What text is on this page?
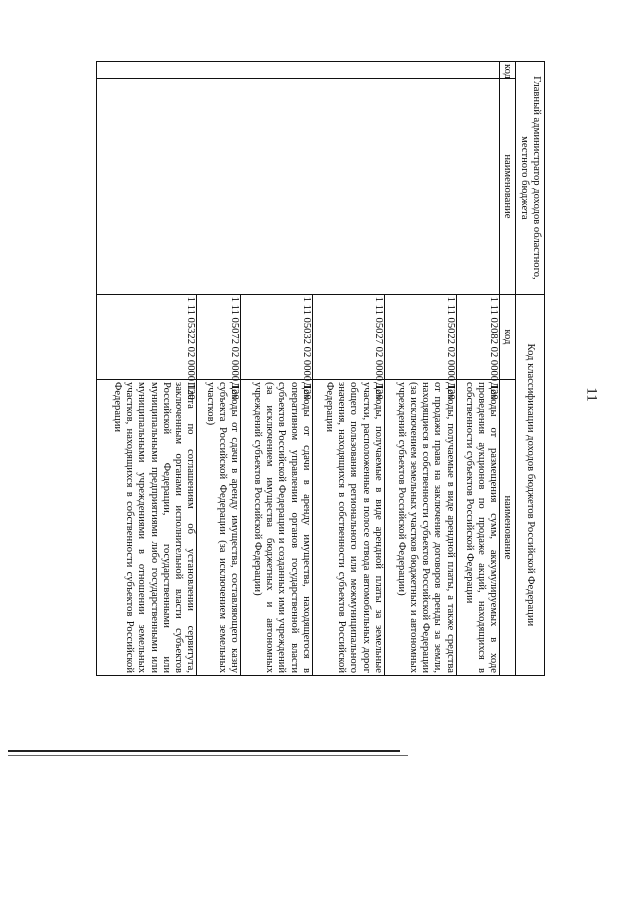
11
Главный администратор доходов областного, местного бюджета		Код классификации доходов бюджетов Российской Федерации	
код	наименование	код	наименование
		1 11 02082 02 0000 120	Доходы от размещения сумм, аккумулируемых в ходе проведения аукционов по продаже акций, находящихся в собственности субъектов Российской Федерации
		1 11 05022 02 0000 120	Доходы, получаемые в виде арендной платы, а также средства от продажи права на заключение договоров аренды за земли, находящиеся в собственности субъектов Российской Федерации (за исключением земельных участков бюджетных и автономных учреждений субъектов Российской Федерации)
		1 11 05027 02 0000 120	Доходы, получаемые в виде арендной платы за земельные участки, расположенные в полосе отвода автомобильных дорог общего пользования регионального или межмуниципального значения, находящихся в собственности субъектов Российской Федерации
		1 11 05032 02 0000 120	Доходы от сдачи в аренду имущества, находящегося в оперативном управлении органов государственной власти субъектов Российской Федерации и созданных ими учреждений (за исключением имущества бюджетных и автономных учреждений субъектов Российской Федерации)
		1 11 05072 02 0000 120	Доходы от сдачи в аренду имущества, составляющего казну субъекта Российской Федерации (за исключением земельных участков)
		1 11 05322 02 0000 120	Плата по соглашениям об установлении сервитута, заключенным органами исполнительной власти субъектов Российской Федерации, государственными или муниципальными предприятиями либо государственными или муниципальными учреждениями в отношении земельных участков, находящихся в собственности субъектов Российской Федерации
